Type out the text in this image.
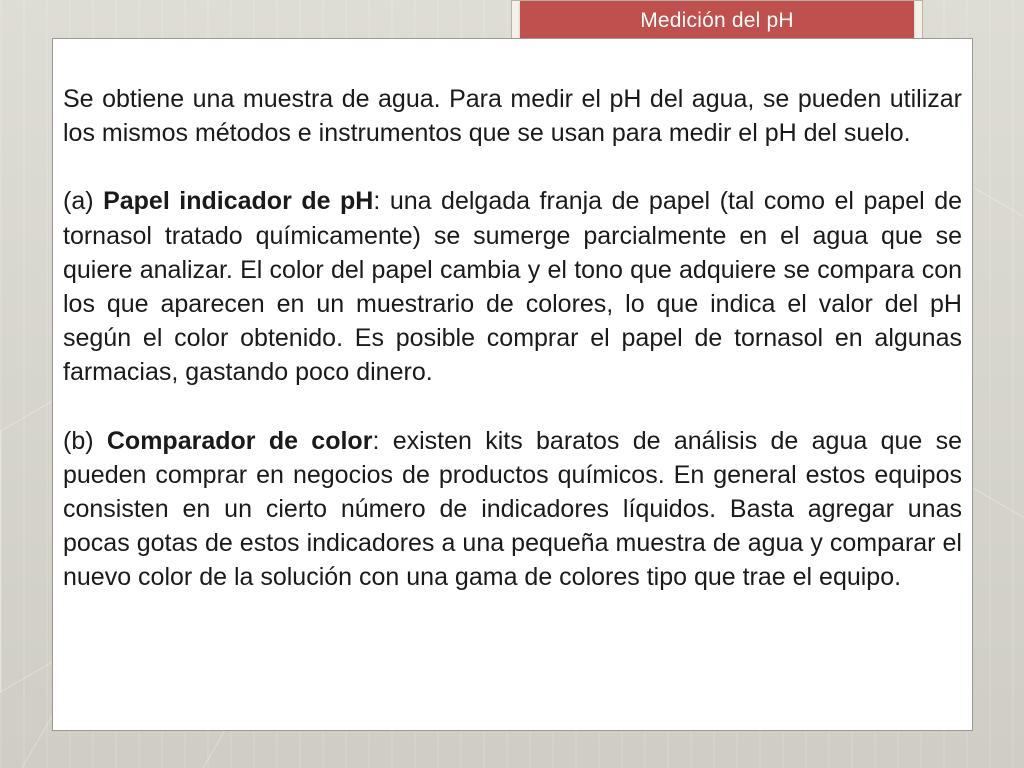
Medición del pH

Se obtiene una muestra de agua. Para medir el pH del agua, se pueden utilizar los mismos métodos e instrumentos que se usan para medir el pH del suelo.

(a) Papel indicador de pH: una delgada franja de papel (tal como el papel de tornasol tratado químicamente) se sumerge parcialmente en el agua que se quiere analizar. El color del papel cambia y el tono que adquiere se compara con los que aparecen en un muestrario de colores, lo que indica el valor del pH según el color obtenido. Es posible comprar el papel de tornasol en algunas farmacias, gastando poco dinero.

(b) Comparador de color: existen kits baratos de análisis de agua que se pueden comprar en negocios de productos químicos. En general estos equipos consisten en un cierto número de indicadores líquidos. Basta agregar unas pocas gotas de estos indicadores a una pequeña muestra de agua y comparar el nuevo color de la solución con una gama de colores tipo que trae el equipo.
